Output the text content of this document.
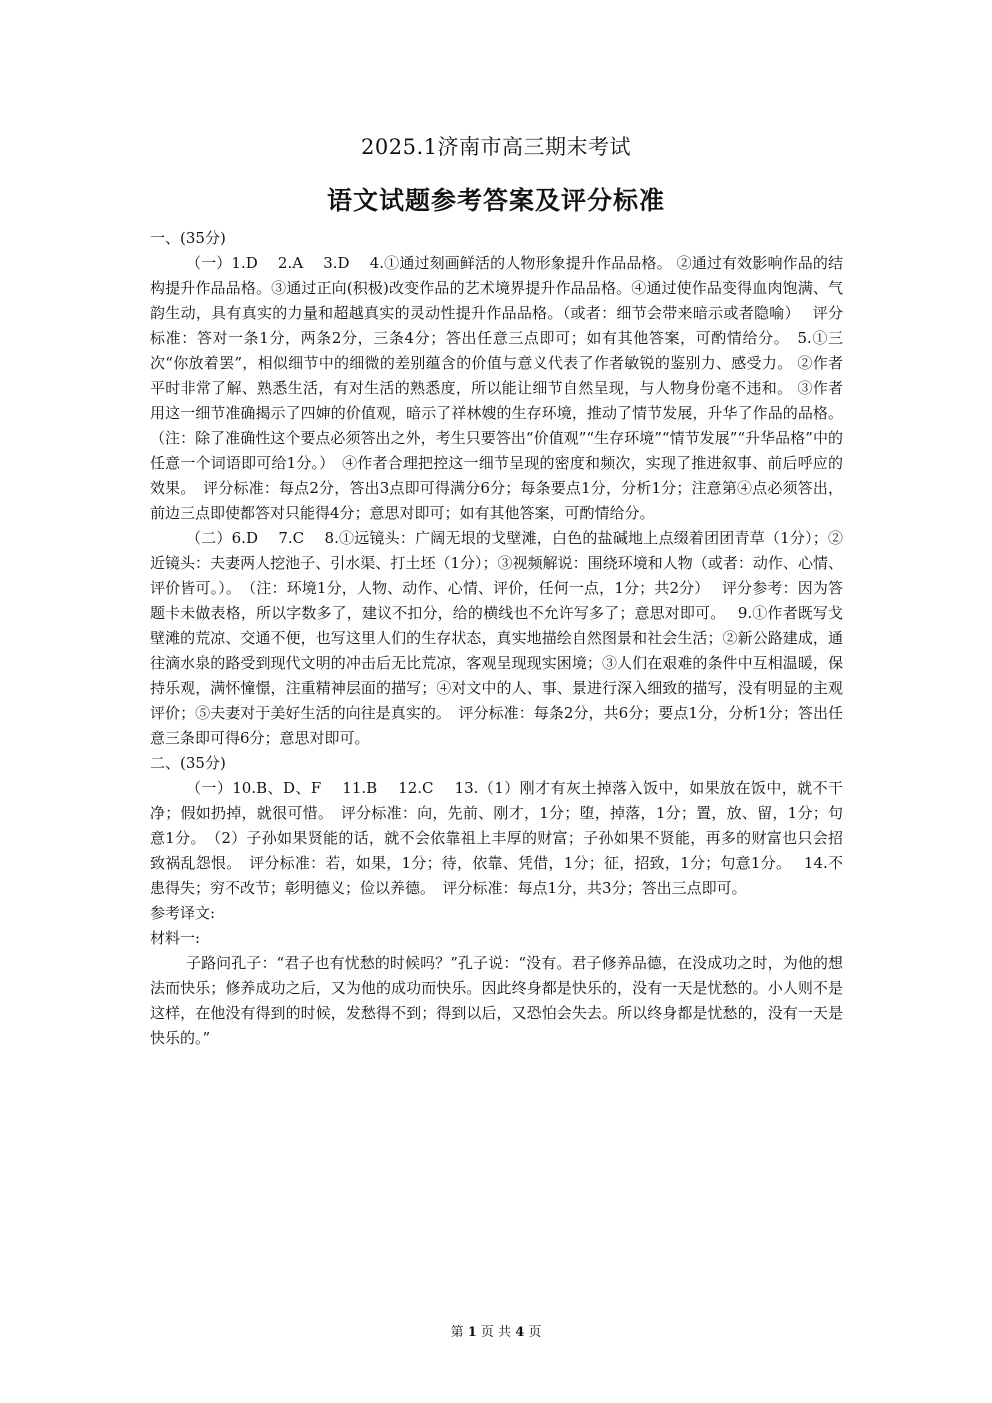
2025.1济南市高三期末考试
语文试题参考答案及评分标准

一、(35分)

（一）1.D　 2.A　 3.D　 4.①通过刻画鲜活的人物形象提升作品品格。 ②通过有效影响作品的结构提升作品品格。③通过正向(积极)改变作品的艺术境界提升作品品格。④通过使作品变得血肉饱满、气韵生动，具有真实的力量和超越真实的灵动性提升作品品格。（或者：细节会带来暗示或者隐喻）　 评分标准：答对一条1分，两条2分，三条4分；答出任意三点即可；如有其他答案，可酌情给分。　5.①三次“你放着罢”，相似细节中的细微的差别蕴含的价值与意义代表了作者敏锐的鉴别力、感受力。 ②作者平时非常了解、熟悉生活，有对生活的熟悉度，所以能让细节自然呈现，与人物身份毫不违和。 ③作者用这一细节准确揭示了四婶的价值观，暗示了祥林嫂的生存环境，推动了情节发展，升华了作品的品格。（注：除了准确性这个要点必须答出之外，考生只要答出“价值观”“生存环境”“情节发展”“升华品格”中的任意一个词语即可给1分。）　④作者合理把控这一细节呈现的密度和频次，实现了推进叙事、前后呼应的效果。　评分标准：每点2分，答出3点即可得满分6分；每条要点1分，分析1分；注意第④点必须答出，前边三点即使都答对只能得4分；意思对即可；如有其他答案，可酌情给分。

（二）6.D　 7.C　 8.①远镜头：广阔无垠的戈壁滩，白色的盐碱地上点缀着团团青草（1分）；②近镜头：夫妻两人挖池子、引水渠、打土坯（1分）；③视频解说：围绕环境和人物（或者：动作、心情、评价皆可。）。　（注：环境1分，人物、动作、心情、评价，任何一点，1分；共2分）　 评分参考：因为答题卡未做表格，所以字数多了，建议不扣分，给的横线也不允许写多了；意思对即可。　 9.①作者既写戈壁滩的荒凉、交通不便，也写这里人们的生存状态，真实地描绘自然图景和社会生活；②新公路建成，通往滴水泉的路受到现代文明的冲击后无比荒凉，客观呈现现实困境；③人们在艰难的条件中互相温暖，保持乐观，满怀憧憬，注重精神层面的描写；④对文中的人、事、景进行深入细致的描写，没有明显的主观评价；⑤夫妻对于美好生活的向往是真实的。　评分标准：每条2分，共6分；要点1分，分析1分；答出任意三条即可得6分；意思对即可。

二、(35分)

（一）10.B、D、F　 11.B　 12.C　 13.（1）刚才有灰土掉落入饭中，如果放在饭中，就不干净；假如扔掉，就很可惜。　评分标准：向，先前、刚才，1分；堕，掉落，1分；置，放、留，1分；句意1分。　（2）子孙如果贤能的话，就不会依靠祖上丰厚的财富；子孙如果不贤能，再多的财富也只会招致祸乱怨恨。　评分标准：若，如果，1分；待，依靠、凭借，1分；征，招致，1分；句意1分。　 14.不患得失；穷不改节；彰明德义；俭以养德。　评分标准：每点1分，共3分；答出三点即可。

参考译文:

材料一:

子路问孔子：“君子也有忧愁的时候吗？”孔子说：“没有。君子修养品德，在没成功之时，为他的想法而快乐；修养成功之后，又为他的成功而快乐。因此终身都是快乐的，没有一天是忧愁的。小人则不是这样，在他没有得到的时候，发愁得不到；得到以后，又恐怕会失去。所以终身都是忧愁的，没有一天是快乐的。”

第 1 页 共 4 页
